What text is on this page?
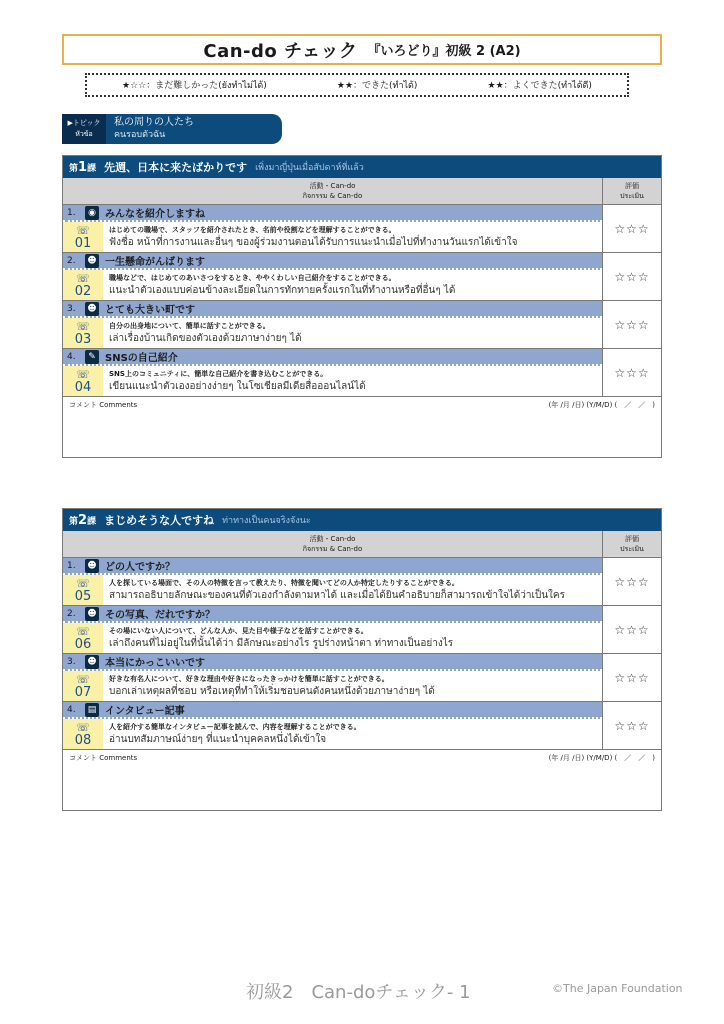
Can-do チェック 『いろどり』初級 2 (A2)
★☆☆：まだ難しかった(ยังทำไม่ได้)	★★：できた(ทำได้)	★★：よくできた(ทำได้ดี)
▶トピック
หัวข้อ
私の周りの人たち
คนรอบตัวฉัน
第1課 先週、日本に来たばかりです เพิ่งมาญี่ปุ่นเมื่อสัปดาห์ที่แล้ว
活動・Can-do
กิจกรรม & Can-do
評価
ประเมิน
1.	◉ みんなを紹介しますね
☏
01
はじめての職場で、スタッフを紹介されたとき、名前や役割などを理解することができる。
ฟังชื่อ หน้าที่การงานและอื่นๆ ของผู้ร่วมงานตอนได้รับการแนะนำเมื่อไปที่ทำงานวันแรกได้เข้าใจ
☆☆☆
2.	☻ 一生懸命がんばります
☏
02
職場などで、はじめてのあいさつをするとき、ややくわしい自己紹介をすることができる。
แนะนำตัวเองแบบค่อนข้างละเอียดในการทักทายครั้งแรกในที่ทำงานหรือที่อื่นๆ ได้
☆☆☆
3.	☻ とても大きい町です
☏
03
自分の出身地について、簡単に話すことができる。
เล่าเรื่องบ้านเกิดของตัวเองด้วยภาษาง่ายๆ ได้
☆☆☆
4.	✎ SNSの自己紹介
☏
04
SNS上のコミュニティに、簡単な自己紹介を書き込むことができる。
เขียนแนะนำตัวเองอย่างง่ายๆ ในโซเชียลมีเดียสื่อออนไลน์ได้
☆☆☆
コメント Comments	(年 /月 /日) (Y/M/D) (　／　／　)
第2課 まじめそうな人ですね ท่าทางเป็นคนจริงจังนะ
活動・Can-do
กิจกรรม & Can-do
評価
ประเมิน
1.	☻ どの人ですか？
☏
05
人を探している場面で、その人の特徴を言って教えたり、特徴を聞いてどの人か特定したりすることができる。
สามารถอธิบายลักษณะของคนที่ตัวเองกำลังตามหาได้ และเมื่อได้ยินคำอธิบายก็สามารถเข้าใจได้ว่าเป็นใคร
☆☆☆
2.	☻ その写真、だれですか？
☏
06
その場にいない人について、どんな人か、見た目や様子などを話すことができる。
เล่าถึงคนที่ไม่อยู่ในที่นั้นได้ว่า มีลักษณะอย่างไร รูปร่างหน้าตา ท่าทางเป็นอย่างไร
☆☆☆
3.	☻ 本当にかっこいいです
☏
07
好きな有名人について、好きな理由や好きになったきっかけを簡単に話すことができる。
บอกเล่าเหตุผลที่ชอบ หรือเหตุที่ทำให้เริ่มชอบคนดังคนหนึ่งด้วยภาษาง่ายๆ ได้
☆☆☆
4.	▤ インタビュー記事
☏
08
人を紹介する簡単なインタビュー記事を読んで、内容を理解することができる。
อ่านบทสัมภาษณ์ง่ายๆ ที่แนะนำบุคคลหนึ่งได้เข้าใจ
☆☆☆
コメント Comments	(年 /月 /日) (Y/M/D) (　／　／　)
初級2　Can-doチェック- 1	©The Japan Foundation
